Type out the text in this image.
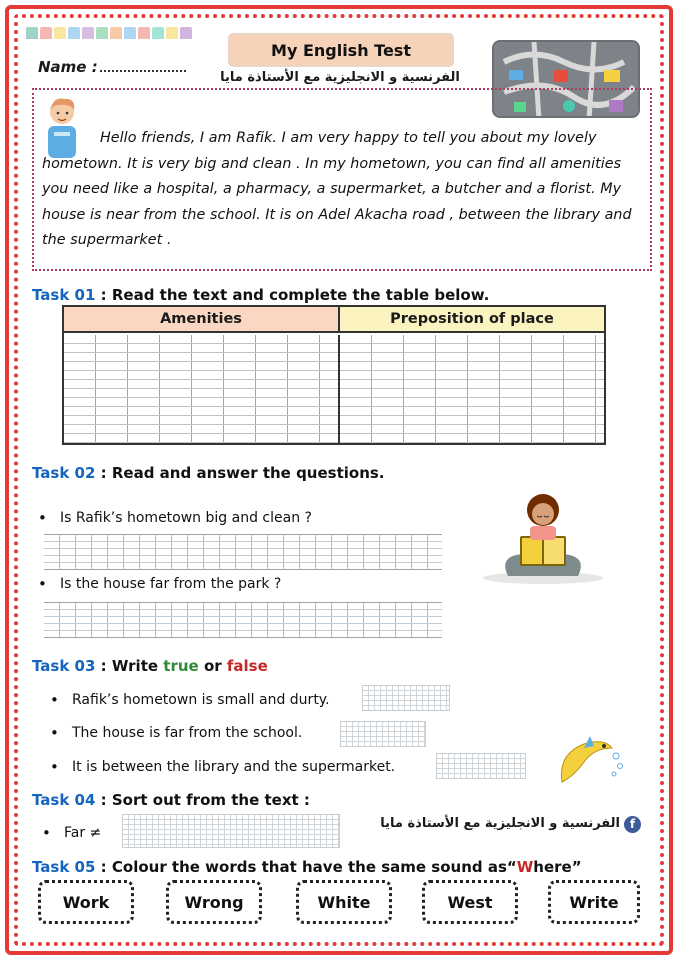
Name :
My English Test
الفرنسية و الانجليزية مع الأستاذة مايا
Hello friends, I am Rafik. I am very happy to tell you about my lovely hometown. It is very big and clean . In my hometown, you can find all amenities you need like a hospital, a pharmacy, a supermarket, a butcher and a florist. My house is near from the school. It is on Adel Akacha road , between the library and the supermarket .
Task 01 : Read the text and complete the table below.
Amenities	Preposition of place
Task 02 : Read and answer the questions.
• Is Rafik’s hometown big and clean ?
• Is the house far from the park ?
Task 03 : Write true or false
• Rafik’s hometown is small and durty.
• The house is far from the school.
• It is between the library and the supermarket.
Task 04 : Sort out from the text :
• Far ≠
الفرنسية و الانجليزية مع الأستاذة مايا f
Task 05 : Colour the words that have the same sound as“Where”
Work	Wrong	White	West	Write
